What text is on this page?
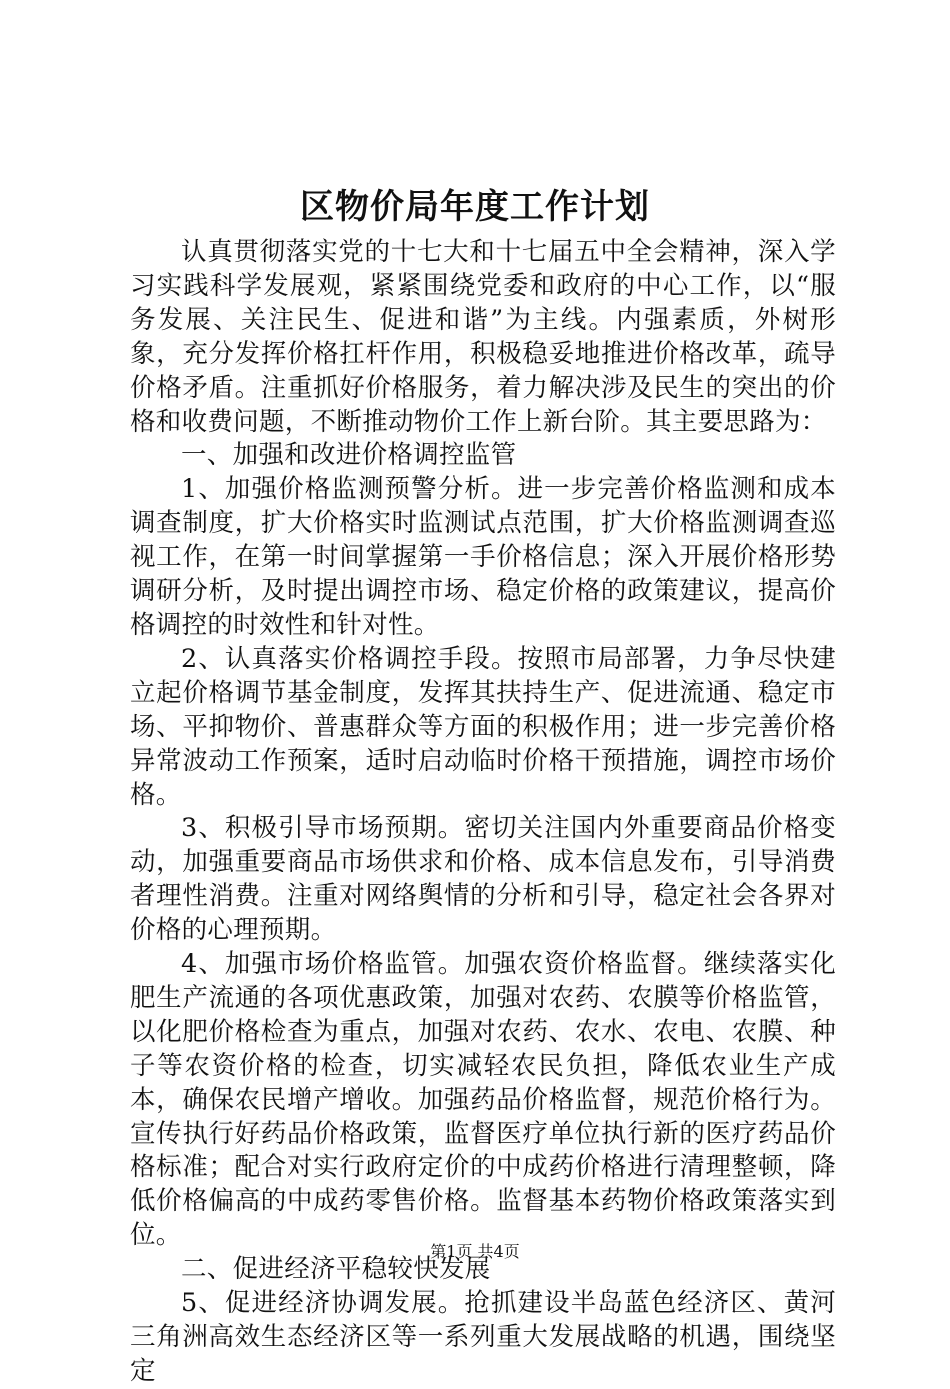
区物价局年度工作计划

认真贯彻落实党的十七大和十七届五中全会精神，深入学习实践科学发展观，紧紧围绕党委和政府的中心工作，以“服务发展、关注民生、促进和谐”为主线。内强素质，外树形象，充分发挥价格扛杆作用，积极稳妥地推进价格改革，疏导价格矛盾。注重抓好价格服务，着力解决涉及民生的突出的价格和收费问题，不断推动物价工作上新台阶。其主要思路为：

一、加强和改进价格调控监管

1、加强价格监测预警分析。进一步完善价格监测和成本调查制度，扩大价格实时监测试点范围，扩大价格监测调查巡视工作，在第一时间掌握第一手价格信息；深入开展价格形势调研分析，及时提出调控市场、稳定价格的政策建议，提高价格调控的时效性和针对性。

2、认真落实价格调控手段。按照市局部署，力争尽快建立起价格调节基金制度，发挥其扶持生产、促进流通、稳定市场、平抑物价、普惠群众等方面的积极作用；进一步完善价格异常波动工作预案，适时启动临时价格干预措施，调控市场价格。

3、积极引导市场预期。密切关注国内外重要商品价格变动，加强重要商品市场供求和价格、成本信息发布，引导消费者理性消费。注重对网络舆情的分析和引导，稳定社会各界对价格的心理预期。

4、加强市场价格监管。加强农资价格监督。继续落实化肥生产流通的各项优惠政策，加强对农药、农膜等价格监管，以化肥价格检查为重点，加强对农药、农水、农电、农膜、种子等农资价格的检查，切实减轻农民负担，降低农业生产成本，确保农民增产增收。加强药品价格监督，规范价格行为。宣传执行好药品价格政策，监督医疗单位执行新的医疗药品价格标准；配合对实行政府定价的中成药价格进行清理整顿，降低价格偏高的中成药零售价格。监督基本药物价格政策落实到位。

二、促进经济平稳较快发展

5、促进经济协调发展。抢抓建设半岛蓝色经济区、黄河三角洲高效生态经济区等一系列重大发展战略的机遇，围绕坚定

第1页 共4页
